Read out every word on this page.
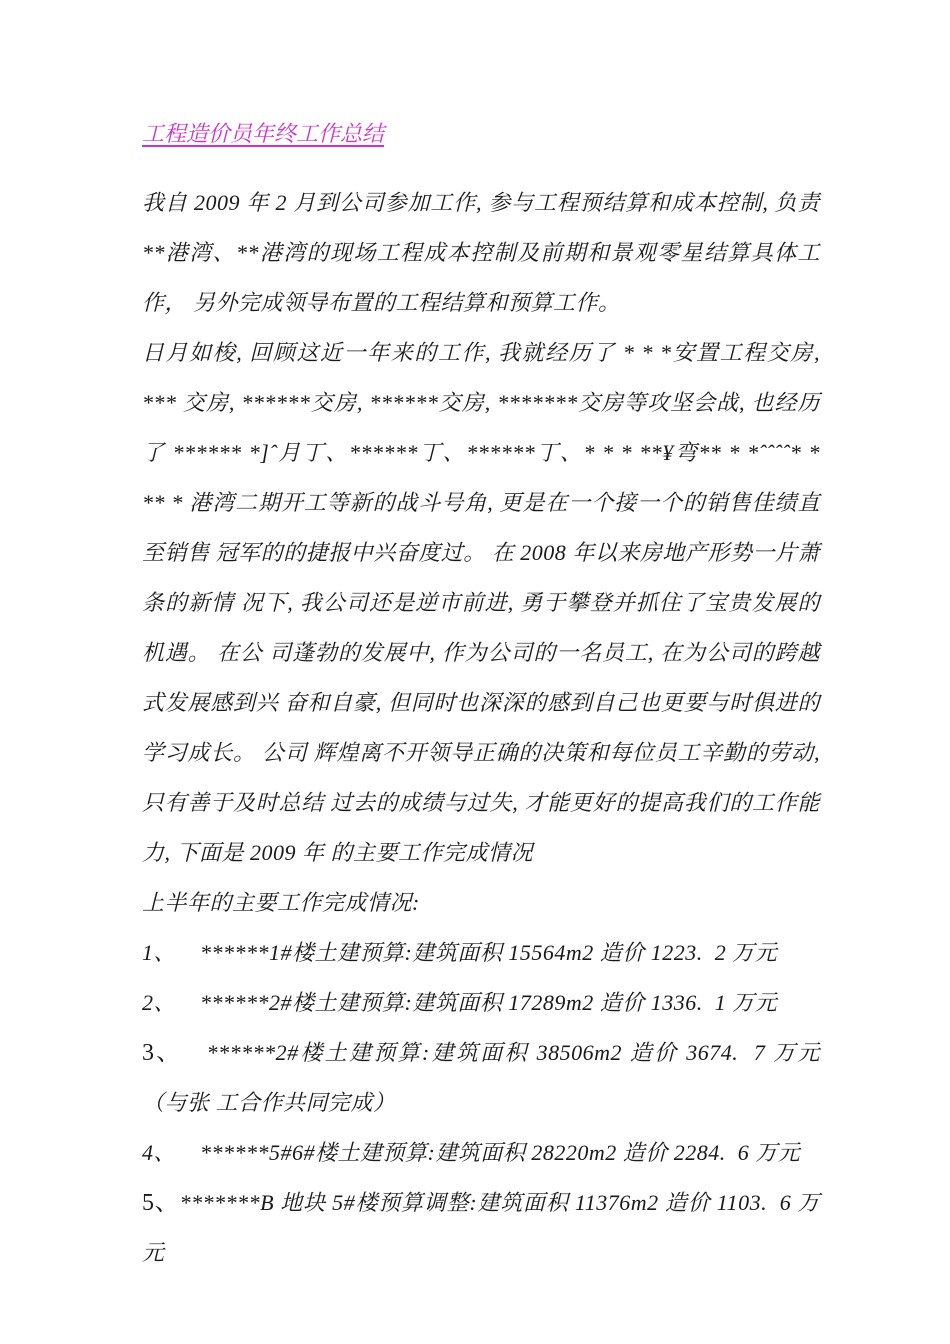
工程造价员年终工作总结

我自 2009 年 2 月到公司参加工作, 参与工程预结算和成本控制, 负责 **港湾、**港湾的现场工程成本控制及前期和景观零星结算具体工作， 另外完成领导布置的工程结算和预算工作。

日月如梭, 回顾这近一年来的工作, 我就经历了 * * *安置工程交房, *** 交房, ******交房, ******交房, *******交房等攻坚会战, 也经历了 ****** *]ˆ月丁、******丁、******丁、* * * **¥弯** * *ˆˆˆˆ* * ** * 港湾二期开工等新的战斗号角, 更是在一个接一个的销售佳绩直至销售 冠军的的捷报中兴奋度过。 在 2008 年以来房地产形势一片萧条的新情 况下, 我公司还是逆市前进, 勇于攀登并抓住了宝贵发展的机遇。 在公 司蓬勃的发展中, 作为公司的一名员工, 在为公司的跨越式发展感到兴 奋和自豪, 但同时也深深的感到自己也更要与时俱进的学习成长。 公司 辉煌离不开领导正确的决策和每位员工辛勤的劳动, 只有善于及时总结 过去的成绩与过失, 才能更好的提高我们的工作能力, 下面是 2009 年 的主要工作完成情况

上半年的主要工作完成情况:

1、 ******1#楼土建预算:建筑面积 15564m2 造价 1223.  2 万元

2、 ******2#楼土建预算:建筑面积 17289m2 造价 1336.  1 万元

3、 ******2#楼土建预算:建筑面积 38506m2 造价 3674.  7 万元（与张 工合作共同完成）

4、 ******5#6#楼土建预算:建筑面积 28220m2 造价 2284.  6 万元

5、*******B 地块 5#楼预算调整:建筑面积 11376m2 造价 1103.  6 万元
